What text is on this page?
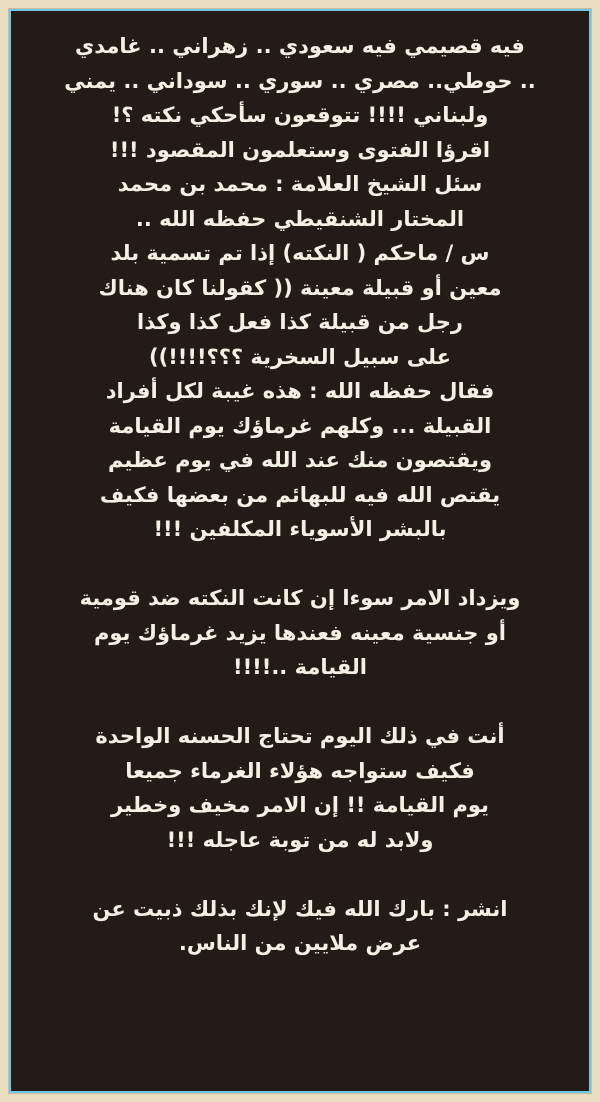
فيه قصيمي فيه سعودي .. زهراني .. غامدي
.. حوطي.. مصري .. سوري .. سوداني .. يمني
ولبناني !!!! تتوقعون سأحكي نكته ؟!
اقرؤا الفتوى وستعلمون المقصود !!!
سئل الشيخ العلامة : محمد بن محمد
المختار الشنقيطي حفظه الله ..
س / ماحكم ( النكته) إذا تم تسمية بلد
معين أو قبيلة معينة (( كقولنا كان هناك
رجل من قبيلة كذا فعل كذا وكذا
على سبيل السخرية ؟؟؟!!!!))
فقال حفظه الله : هذه غيبة لكل أفراد
القبيلة ... وكلهم غرماؤك يوم القيامة
ويقتصون منك عند الله في يوم عظيم
يقتص الله فيه للبهائم من بعضها فكيف
بالبشر الأسوياء المكلفين !!!
ويزداد الامر سوءا إن كانت النكته ضد قومية
أو جنسية معينه فعندها يزيد غرماؤك يوم
القيامة ..!!!!
أنت في ذلك اليوم تحتاج الحسنه الواحدة
فكيف ستواجه هؤلاء الغرماء جميعا
يوم القيامة !! إن الامر مخيف وخطير
ولابد له من توبة عاجله !!!
انشر : بارك الله فيك لإنك بذلك ذبيت عن
عرض ملايين من الناس.
